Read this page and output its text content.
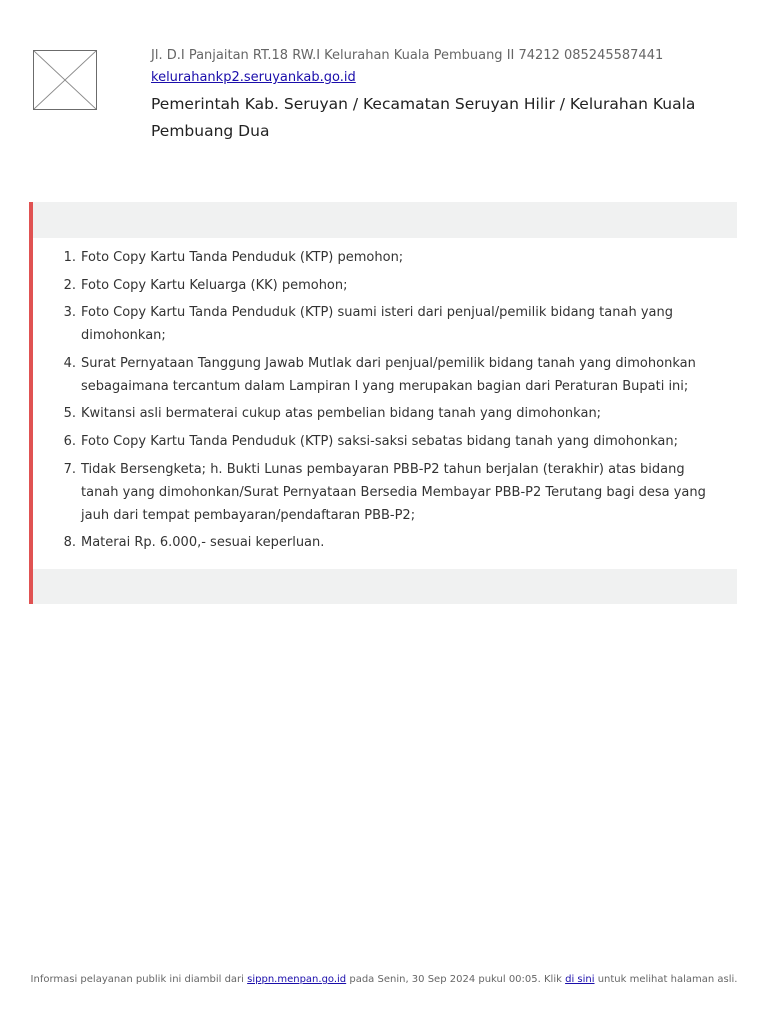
Jl. D.I Panjaitan RT.18 RW.I Kelurahan Kuala Pembuang II 74212 085245587441

kelurahankp2.seruyankab.go.id

Pemerintah Kab. Seruyan / Kecamatan Seruyan Hilir / Kelurahan Kuala Pembuang Dua

1. Foto Copy Kartu Tanda Penduduk (KTP) pemohon;
2. Foto Copy Kartu Keluarga (KK) pemohon;
3. Foto Copy Kartu Tanda Penduduk (KTP) suami isteri dari penjual/pemilik bidang tanah yang dimohonkan;
4. Surat Pernyataan Tanggung Jawab Mutlak dari penjual/pemilik bidang tanah yang dimohonkan sebagaimana tercantum dalam Lampiran I yang merupakan bagian dari Peraturan Bupati ini;
5. Kwitansi asli bermaterai cukup atas pembelian bidang tanah yang dimohonkan;
6. Foto Copy Kartu Tanda Penduduk (KTP) saksi-saksi sebatas bidang tanah yang dimohonkan;
7. Tidak Bersengketa; h. Bukti Lunas pembayaran PBB-P2 tahun berjalan (terakhir) atas bidang tanah yang dimohonkan/Surat Pernyataan Bersedia Membayar PBB-P2 Terutang bagi desa yang jauh dari tempat pembayaran/pendaftaran PBB-P2;
8. Materai Rp. 6.000,- sesuai keperluan.
Informasi pelayanan publik ini diambil dari sippn.menpan.go.id pada Senin, 30 Sep 2024 pukul 00:05. Klik di sini untuk melihat halaman asli.
